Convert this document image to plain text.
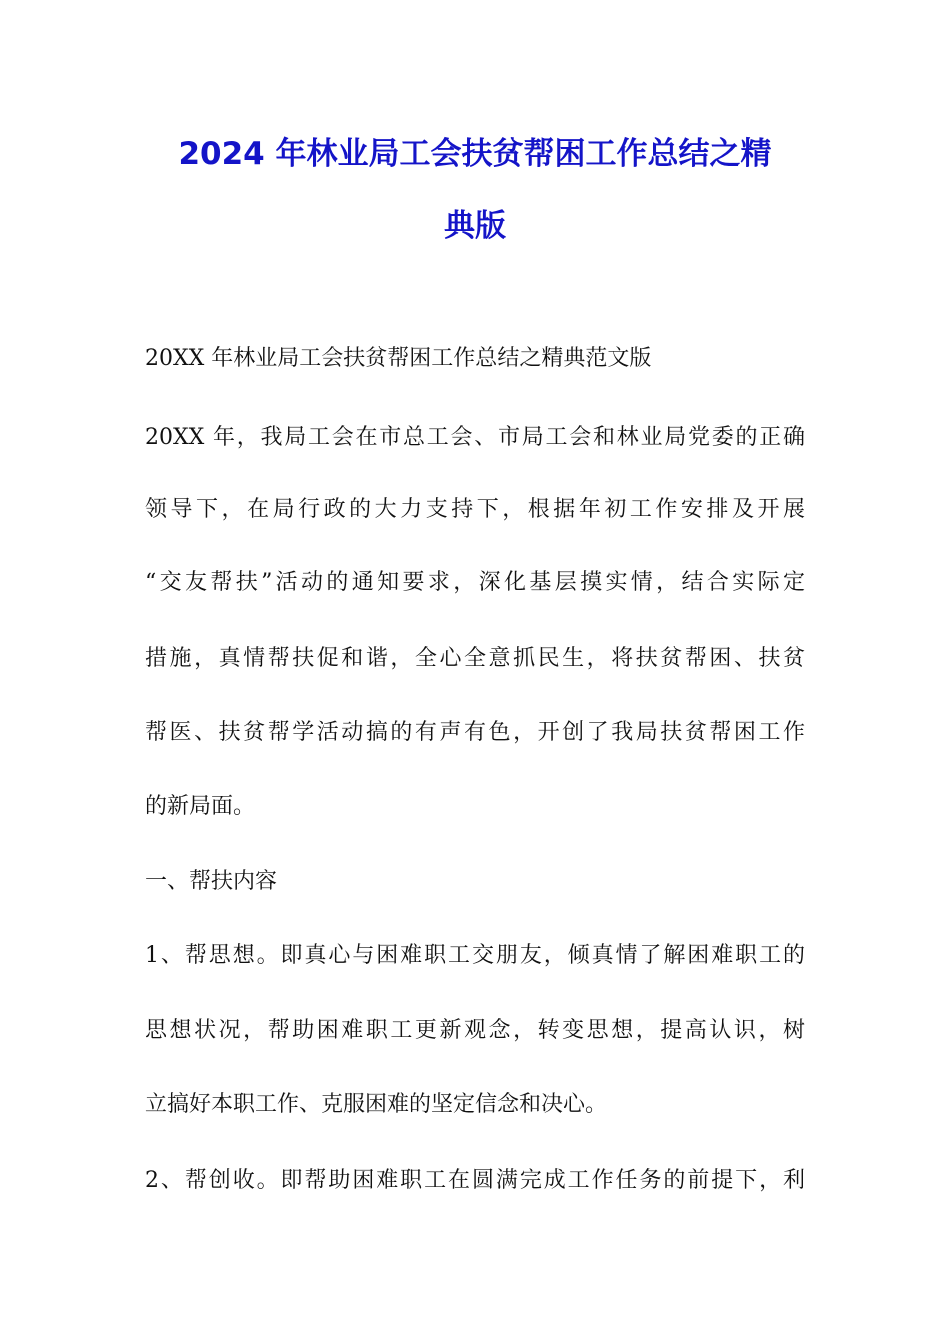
2024 年林业局工会扶贫帮困工作总结之精
典版

20XX 年林业局工会扶贫帮困工作总结之精典范文版

20XX 年，我局工会在市总工会、市局工会和林业局党委的正确

领导下，在局行政的大力支持下，根据年初工作安排及开展

“交友帮扶”活动的通知要求，深化基层摸实情，结合实际定

措施，真情帮扶促和谐，全心全意抓民生，将扶贫帮困、扶贫

帮医、扶贫帮学活动搞的有声有色，开创了我局扶贫帮困工作

的新局面。

一、帮扶内容

1、帮思想。即真心与困难职工交朋友，倾真情了解困难职工的

思想状况，帮助困难职工更新观念，转变思想，提高认识，树

立搞好本职工作、克服困难的坚定信念和决心。

2、帮创收。即帮助困难职工在圆满完成工作任务的前提下，利
